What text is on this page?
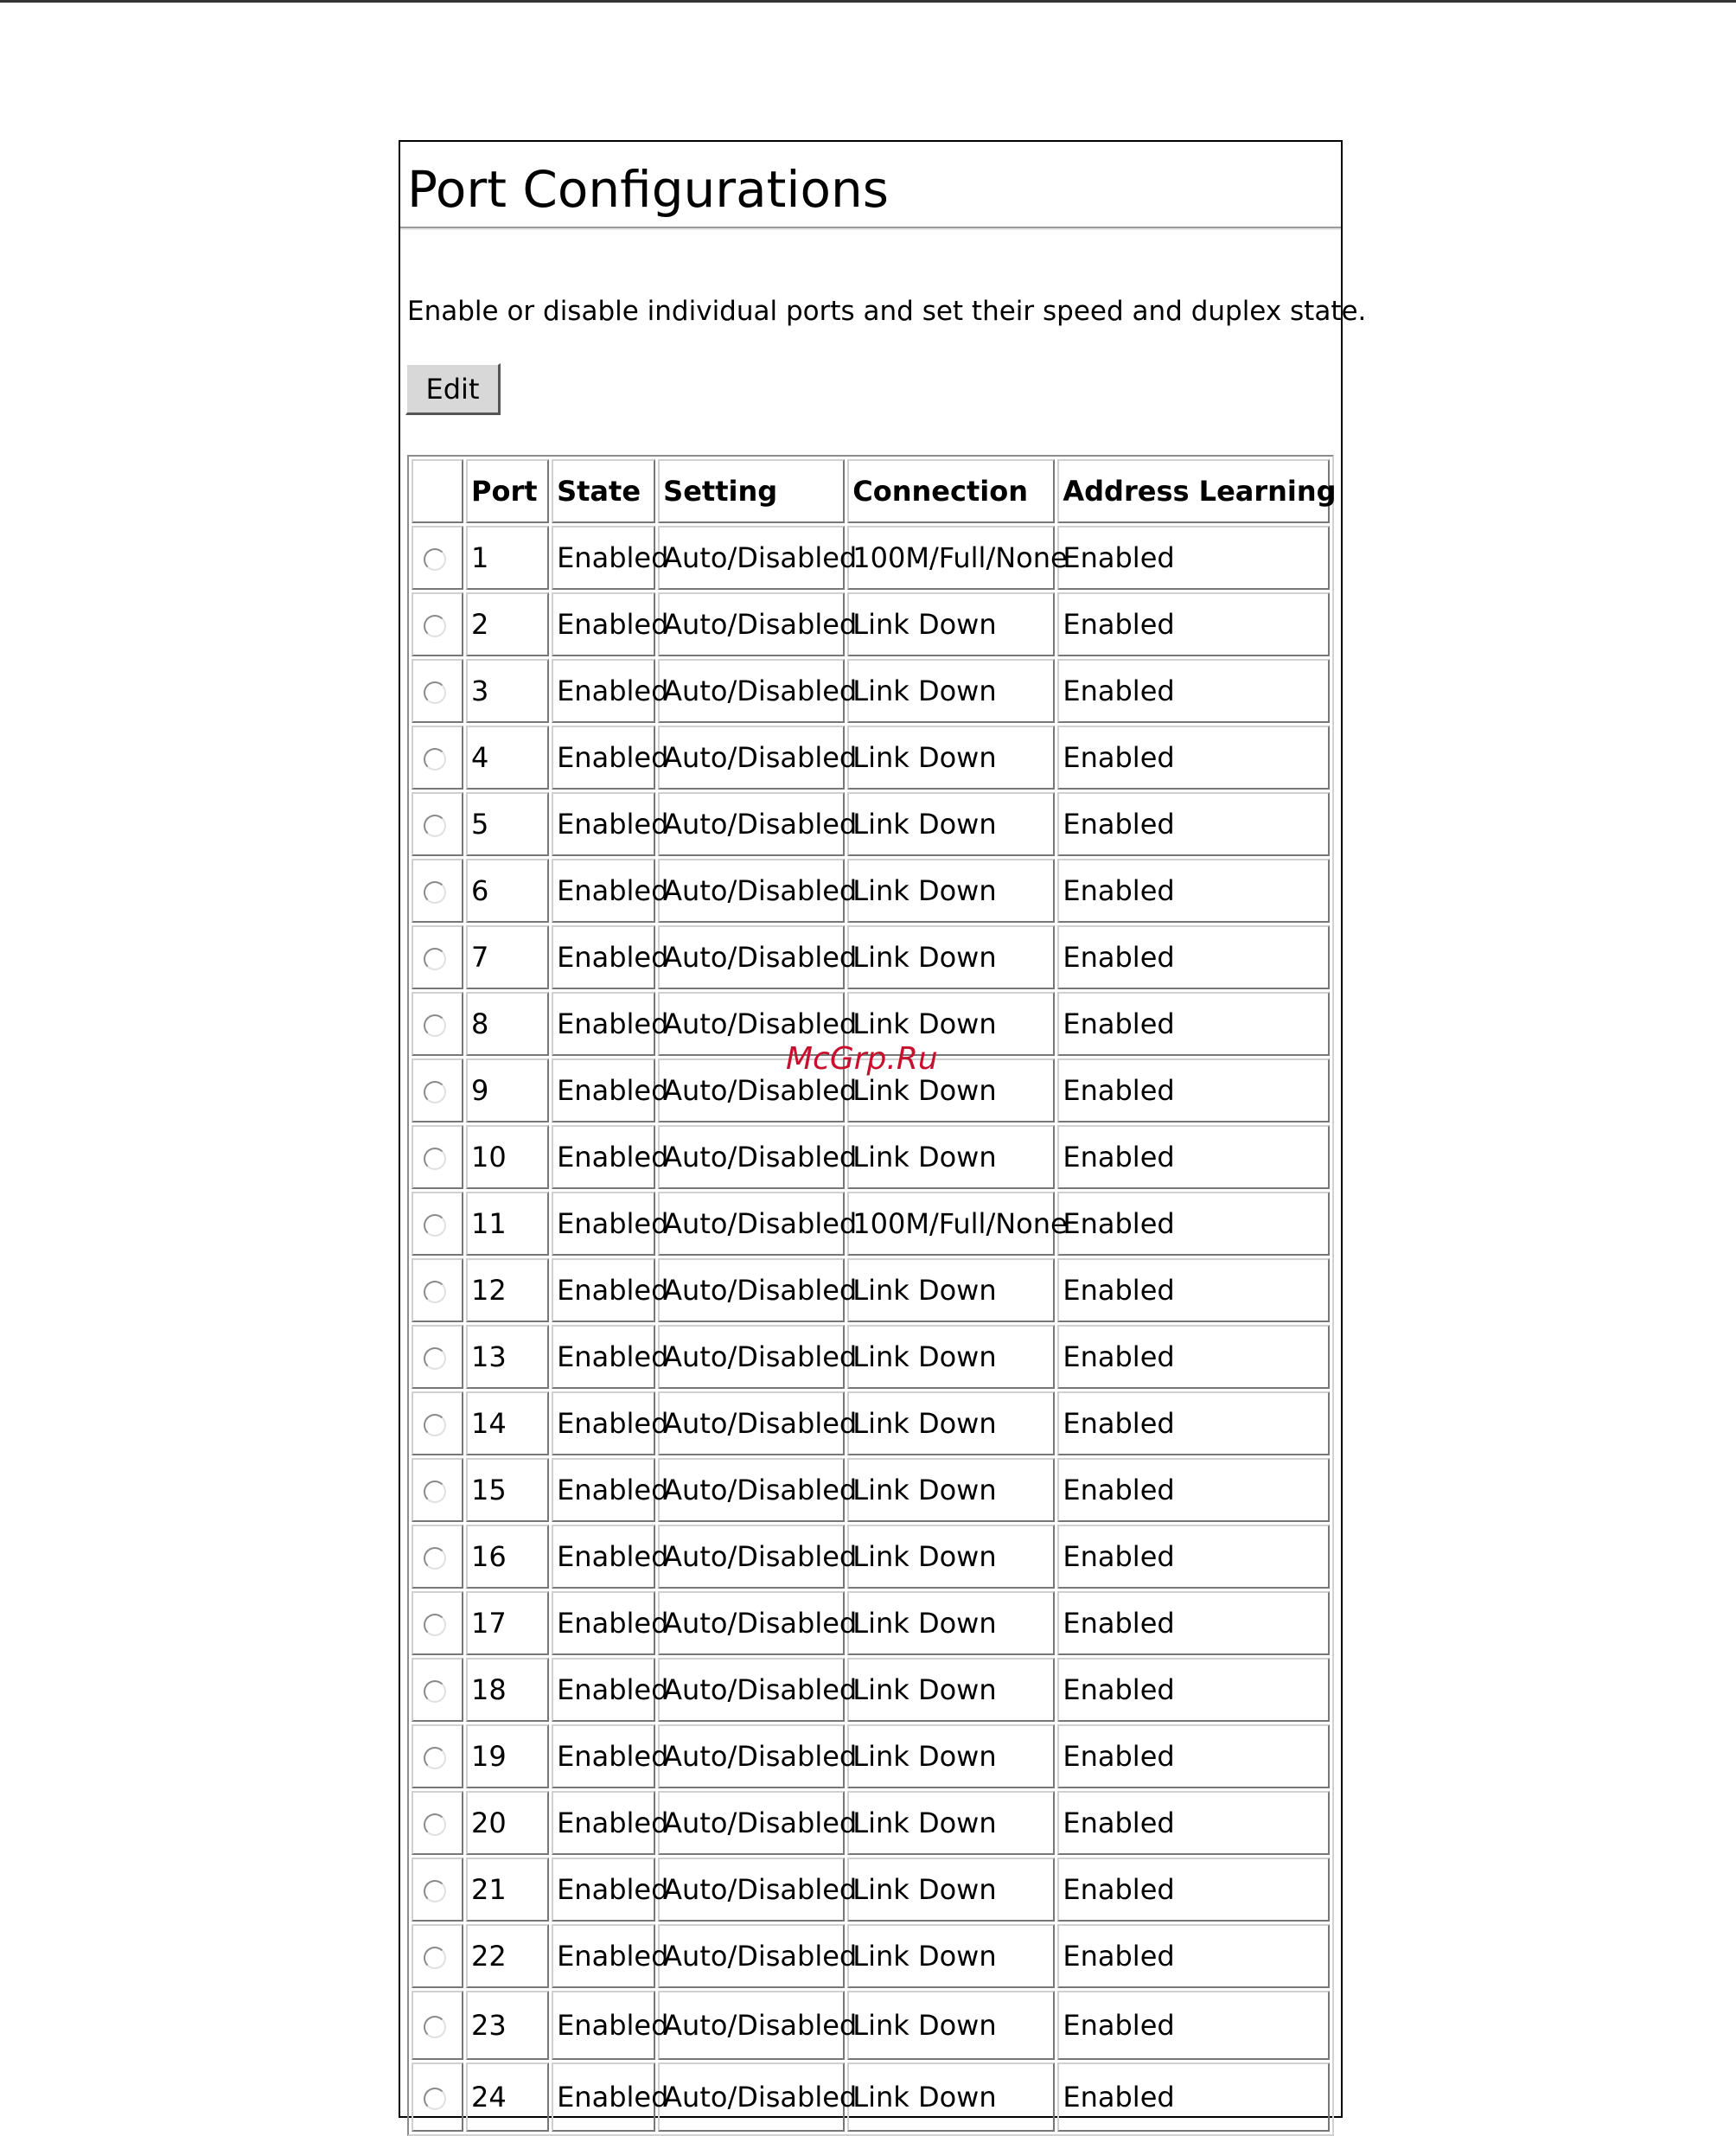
Port Configurations
Enable or disable individual ports and set their speed and duplex state.
Edit
	Port	State	Setting	Connection	Address Learning
	1	Enabled	Auto/Disabled	100M/Full/None	Enabled
	2	Enabled	Auto/Disabled	Link Down	Enabled
	3	Enabled	Auto/Disabled	Link Down	Enabled
	4	Enabled	Auto/Disabled	Link Down	Enabled
	5	Enabled	Auto/Disabled	Link Down	Enabled
	6	Enabled	Auto/Disabled	Link Down	Enabled
	7	Enabled	Auto/Disabled	Link Down	Enabled
	8	Enabled	Auto/Disabled	Link Down	Enabled
	9	Enabled	Auto/Disabled	Link Down	Enabled
	10	Enabled	Auto/Disabled	Link Down	Enabled
	11	Enabled	Auto/Disabled	100M/Full/None	Enabled
	12	Enabled	Auto/Disabled	Link Down	Enabled
	13	Enabled	Auto/Disabled	Link Down	Enabled
	14	Enabled	Auto/Disabled	Link Down	Enabled
	15	Enabled	Auto/Disabled	Link Down	Enabled
	16	Enabled	Auto/Disabled	Link Down	Enabled
	17	Enabled	Auto/Disabled	Link Down	Enabled
	18	Enabled	Auto/Disabled	Link Down	Enabled
	19	Enabled	Auto/Disabled	Link Down	Enabled
	20	Enabled	Auto/Disabled	Link Down	Enabled
	21	Enabled	Auto/Disabled	Link Down	Enabled
	22	Enabled	Auto/Disabled	Link Down	Enabled
	23	Enabled	Auto/Disabled	Link Down	Enabled
	24	Enabled	Auto/Disabled	Link Down	Enabled
McGrp.Ru
